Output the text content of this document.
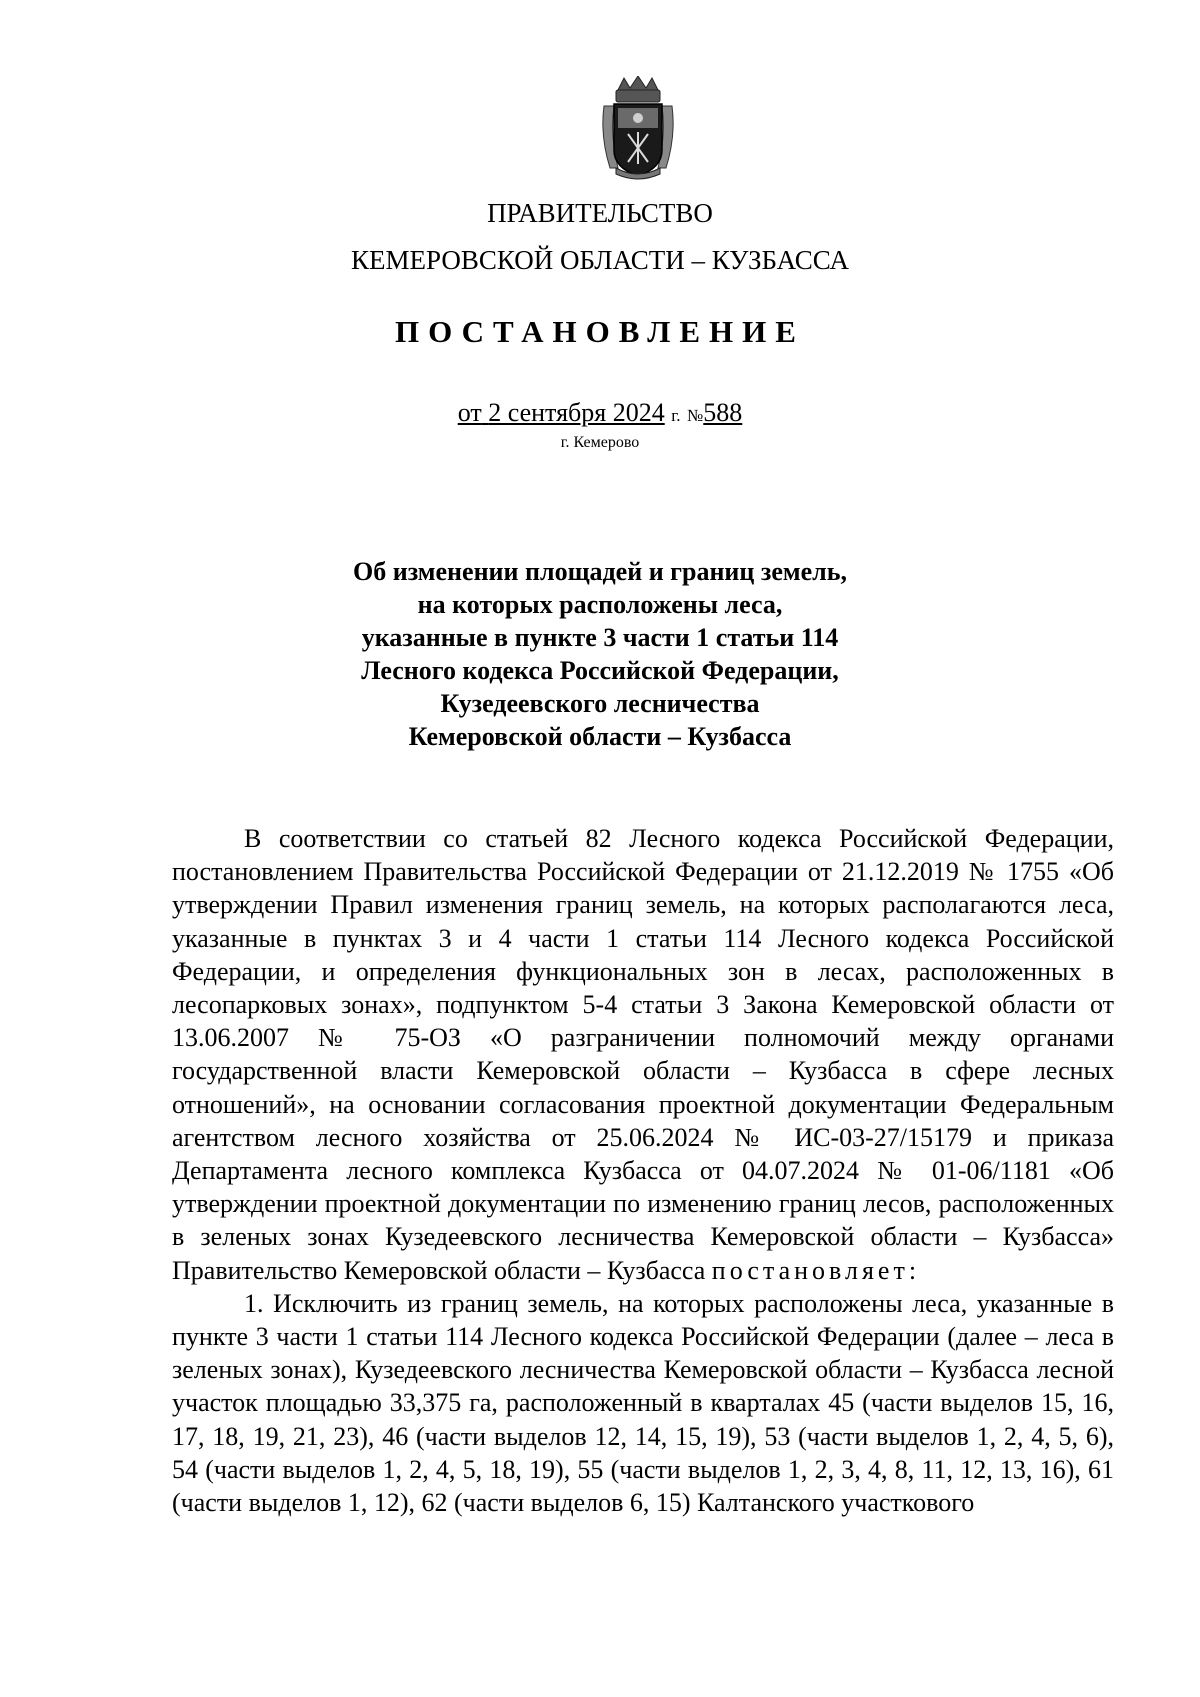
ПРАВИТЕЛЬСТВО
КЕМЕРОВСКОЙ ОБЛАСТИ – КУЗБАССА
ПОСТАНОВЛЕНИЕ
от 2 сентября 2024 г. №588
г. Кемерово
Об изменении площадей и границ земель,
на которых расположены леса,
указанные в пункте 3 части 1 статьи 114
Лесного кодекса Российской Федерации,
Кузедеевского лесничества
Кемеровской области – Кузбасса

В соответствии со статьей 82 Лесного кодекса Российской Федерации, постановлением Правительства Российской Федерации от 21.12.2019 № 1755 «Об утверждении Правил изменения границ земель, на которых располагаются леса, указанные в пунктах 3 и 4 части 1 статьи 114 Лесного кодекса Российской Федерации, и определения функциональных зон в лесах, расположенных в лесопарковых зонах», подпунктом 5-4 статьи 3 Закона Кемеровской области от 13.06.2007 № 75-ОЗ «О разграничении полномочий между органами государственной власти Кемеровской области – Кузбасса в сфере лесных отношений», на основании согласования проектной документации Федеральным агентством лесного хозяйства от 25.06.2024 № ИС-03-27/15179 и приказа Департамента лесного комплекса Кузбасса от 04.07.2024 № 01-06/1181 «Об утверждении проектной документации по изменению границ лесов, расположенных в зеленых зонах Кузедеевского лесничества Кемеровской области – Кузбасса» Правительство Кемеровской области – Кузбасса постановляет:

1. Исключить из границ земель, на которых расположены леса, указанные в пункте 3 части 1 статьи 114 Лесного кодекса Российской Федерации (далее – леса в зеленых зонах), Кузедеевского лесничества Кемеровской области – Кузбасса лесной участок площадью 33,375 га, расположенный в кварталах 45 (части выделов 15, 16, 17, 18, 19, 21, 23), 46 (части выделов 12, 14, 15, 19), 53 (части выделов 1, 2, 4, 5, 6), 54 (части выделов 1, 2, 4, 5, 18, 19), 55 (части выделов 1, 2, 3, 4, 8, 11, 12, 13, 16), 61 (части выделов 1, 12), 62 (части выделов 6, 15) Калтанского участкового
